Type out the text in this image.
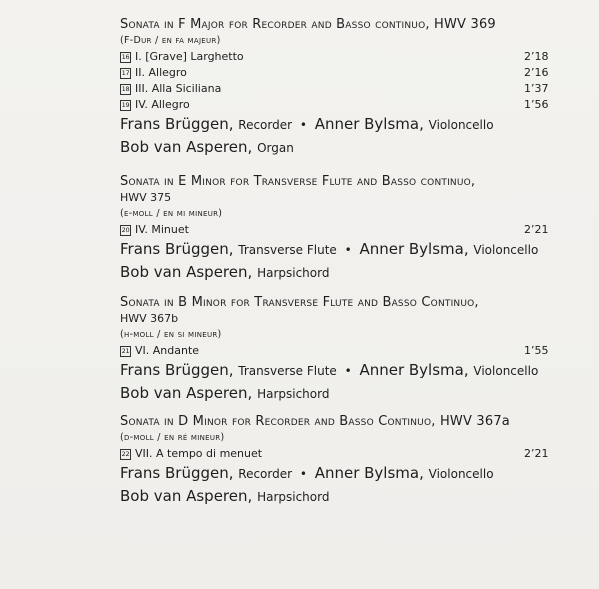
Sonata in F Major for Recorder and Basso continuo, HWV 369
(F-Dur / en fa majeur)
16 I. [Grave] Larghetto	2’18
17 II. Allegro	2’16
18 III. Alla Siciliana	1’37
19 IV. Allegro	1’56
Frans Brüggen, Recorder • Anner Bylsma, Violoncello
Bob van Asperen, Organ
Sonata in E Minor for Transverse Flute and Basso continuo,
HWV 375
(e-moll / en mi mineur)
20 IV. Minuet	2’21
Frans Brüggen, Transverse Flute • Anner Bylsma, Violoncello
Bob van Asperen, Harpsichord
Sonata in B Minor for Transverse Flute and Basso Continuo,
HWV 367b
(h-moll / en si mineur)
21 VI. Andante	1’55
Frans Brüggen, Transverse Flute • Anner Bylsma, Violoncello
Bob van Asperen, Harpsichord
Sonata in D Minor for Recorder and Basso Continuo, HWV 367a
(d-moll / en ré mineur)
22 VII. A tempo di menuet	2’21
Frans Brüggen, Recorder • Anner Bylsma, Violoncello
Bob van Asperen, Harpsichord
